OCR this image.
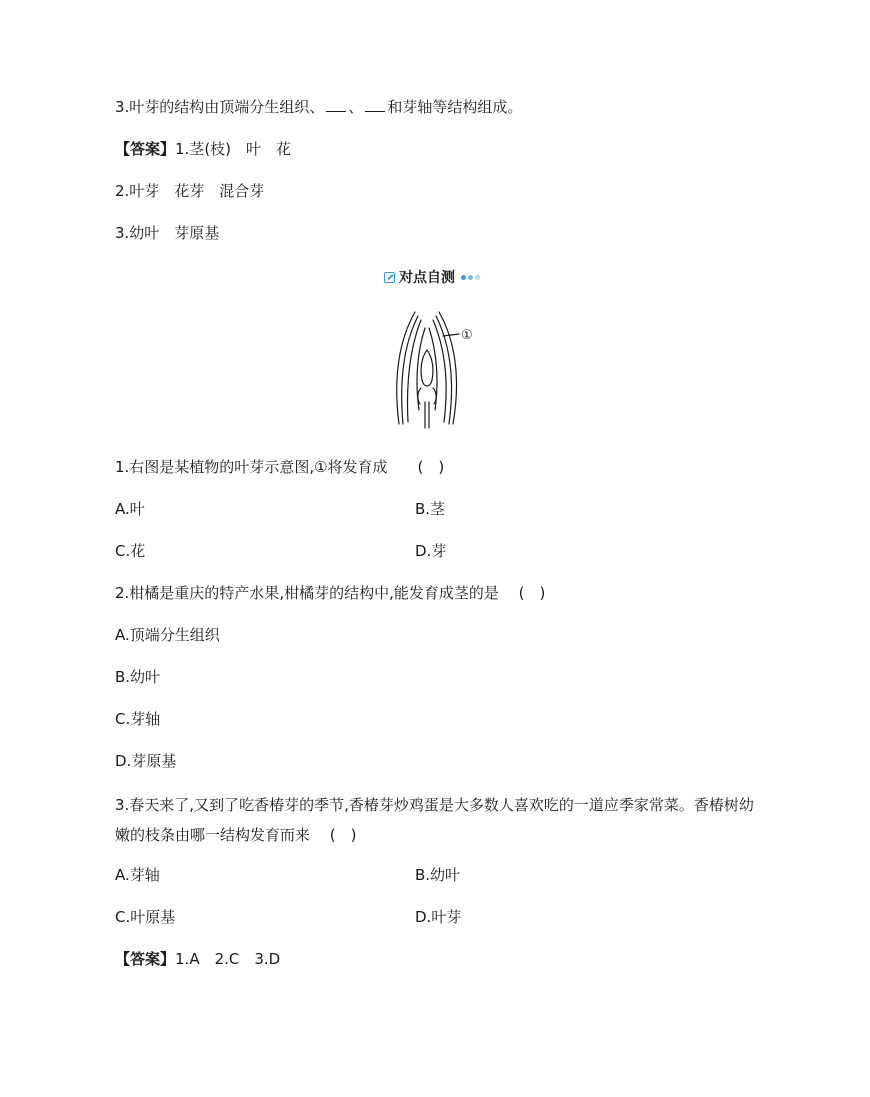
3.叶芽的结构由顶端分生组织、 、 和芽轴等结构组成。
【答案】1.茎(枝)　叶　花
2.叶芽　花芽　混合芽
3.幼叶　芽原基
对点自测
①
1.右图是某植物的叶芽示意图,①将发育成　　(　)
A.叶	B.茎
C.花	D.芽
2.柑橘是重庆的特产水果,柑橘芽的结构中,能发育成茎的是　 (　)
A.顶端分生组织
B.幼叶
C.芽轴
D.芽原基
3.春天来了,又到了吃香椿芽的季节,香椿芽炒鸡蛋是大多数人喜欢吃的一道应季家常菜。香椿树幼
嫩的枝条由哪一结构发育而来　 (　)
A.芽轴	B.幼叶
C.叶原基	D.叶芽
【答案】1.A　2.C　3.D
